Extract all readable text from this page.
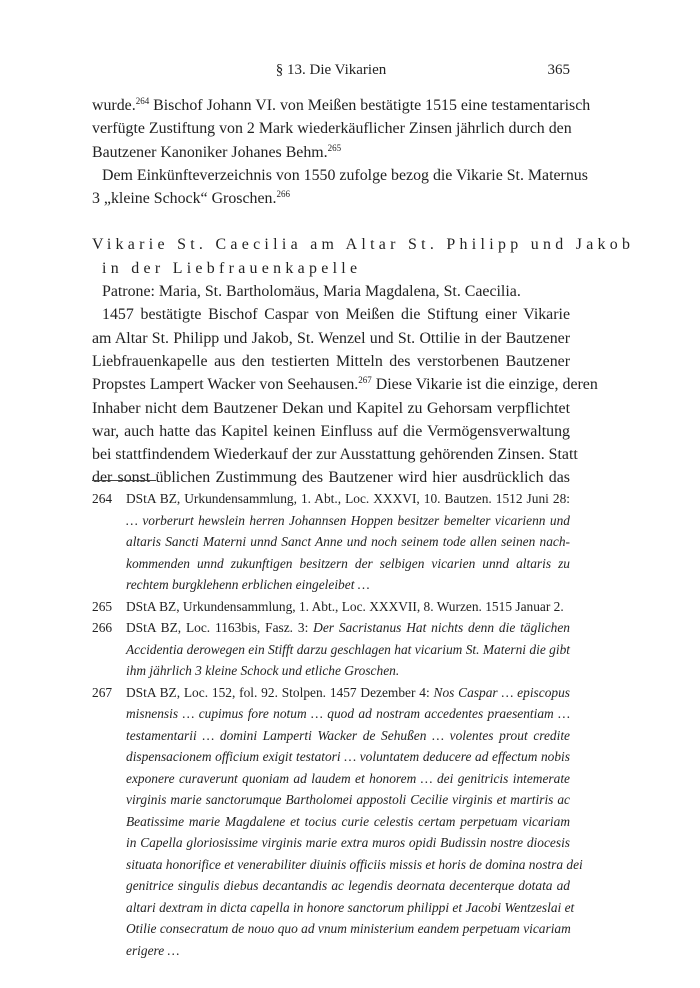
§ 13. Die Vikarien	365
wurde.$^{264}$ Bischof Johann VI. von Meißen bestätigte 1515 eine testamentarisch
verfügte Zustiftung von 2 Mark wiederkäuflicher Zinsen jährlich durch den
Bautzener Kanoniker Johanes Behm.$^{265}$
Dem Einkünfteverzeichnis von 1550 zufolge bezog die Vikarie St. Maternus
3 „kleine Schock“ Groschen.$^{266}$
Vikarie St. Caecilia am Altar St. Philipp und Jakob
in der Liebfrauenkapelle
Patrone: Maria, St. Bartholomäus, Maria Magdalena, St. Caecilia.
1457 bestätigte Bischof Caspar von Meißen die Stiftung einer Vikarie
am Altar St. Philipp und Jakob, St. Wenzel und St. Ottilie in der Bautzener
Liebfrauenkapelle aus den testierten Mitteln des verstorbenen Bautzener
Propstes Lampert Wacker von Seehausen.$^{267}$ Diese Vikarie ist die einzige, deren
Inhaber nicht dem Bautzener Dekan und Kapitel zu Gehorsam verpflichtet
war, auch hatte das Kapitel keinen Einfluss auf die Vermögensverwaltung
bei stattfindendem Wiederkauf der zur Ausstattung gehörenden Zinsen. Statt
der sonst üblichen Zustimmung des Bautzener wird hier ausdrücklich das
264 DStA BZ, Urkundensammlung, 1. Abt., Loc. XXXVI, 10. Bautzen. 1512 Juni 28:
… vorberurt hewslein herren Johannsen Hoppen besitzer bemelter vicarienn und
altaris Sancti Materni unnd Sanct Anne und noch seinem tode allen seinen nach-
kommenden unnd zukunftigen besitzern der selbigen vicarien unnd altaris zu
rechtem burgklehenn erblichen eingeleibet …
265 DStA BZ, Urkundensammlung, 1. Abt., Loc. XXXVII, 8. Wurzen. 1515 Januar 2.
266 DStA BZ, Loc. 1163bis, Fasz. 3: Der Sacristanus Hat nichts denn die täglichen
Accidentia derowegen ein Stifft darzu geschlagen hat vicarium St. Materni die gibt
ihm jährlich 3 kleine Schock und etliche Groschen.
267 DStA BZ, Loc. 152, fol. 92. Stolpen. 1457 Dezember 4: Nos Caspar … episcopus
misnensis … cupimus fore notum … quod ad nostram accedentes praesentiam …
testamentarii … domini Lamperti Wacker de Sehußen … volentes prout credite
dispensacionem officium exigit testatori … voluntatem deducere ad effectum nobis
exponere curaverunt quoniam ad laudem et honorem … dei genitricis intemerate
virginis marie sanctorumque Bartholomei appostoli Cecilie virginis et martiris ac
Beatissime marie Magdalene et tocius curie celestis certam perpetuam vicariam
in Capella gloriosissime virginis marie extra muros opidi Budissin nostre diocesis
situata honorifice et venerabiliter diuinis officiis missis et horis de domina nostra dei
genitrice singulis diebus decantandis ac legendis deornata decenterque dotata ad
altari dextram in dicta capella in honore sanctorum philippi et Jacobi Wentzeslai et
Otilie consecratum de nouo quo ad vnum ministerium eandem perpetuam vicariam
erigere …
